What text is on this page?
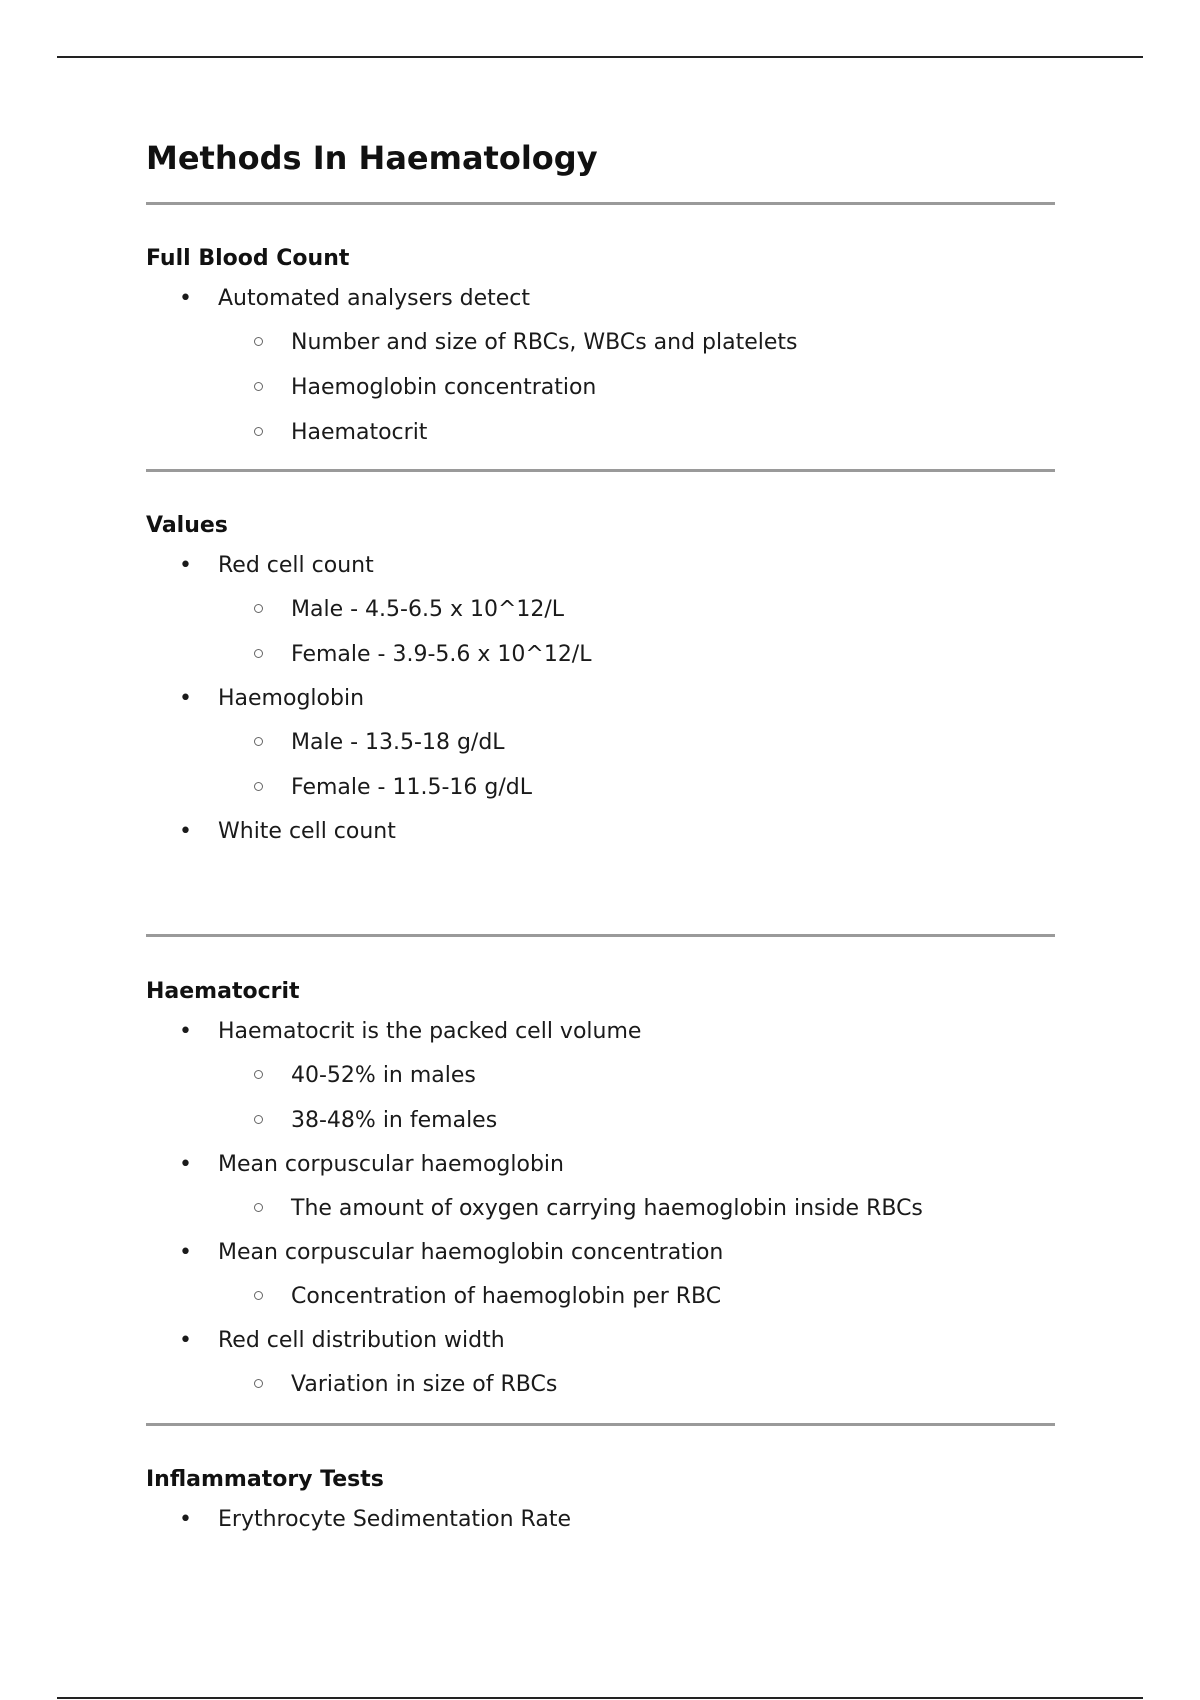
Methods In Haematology
Full Blood Count
• Automated analysers detect
Number and size of RBCs, WBCs and platelets
Haemoglobin concentration
Haematocrit
Values
• Red cell count
Male - 4.5-6.5 x 10^12/L
Female - 3.9-5.6 x 10^12/L
• Haemoglobin
Male - 13.5-18 g/dL
Female - 11.5-16 g/dL
• White cell count
Haematocrit
• Haematocrit is the packed cell volume
40-52% in males
38-48% in females
• Mean corpuscular haemoglobin
The amount of oxygen carrying haemoglobin inside RBCs
• Mean corpuscular haemoglobin concentration
Concentration of haemoglobin per RBC
• Red cell distribution width
Variation in size of RBCs
Inflammatory Tests
• Erythrocyte Sedimentation Rate
